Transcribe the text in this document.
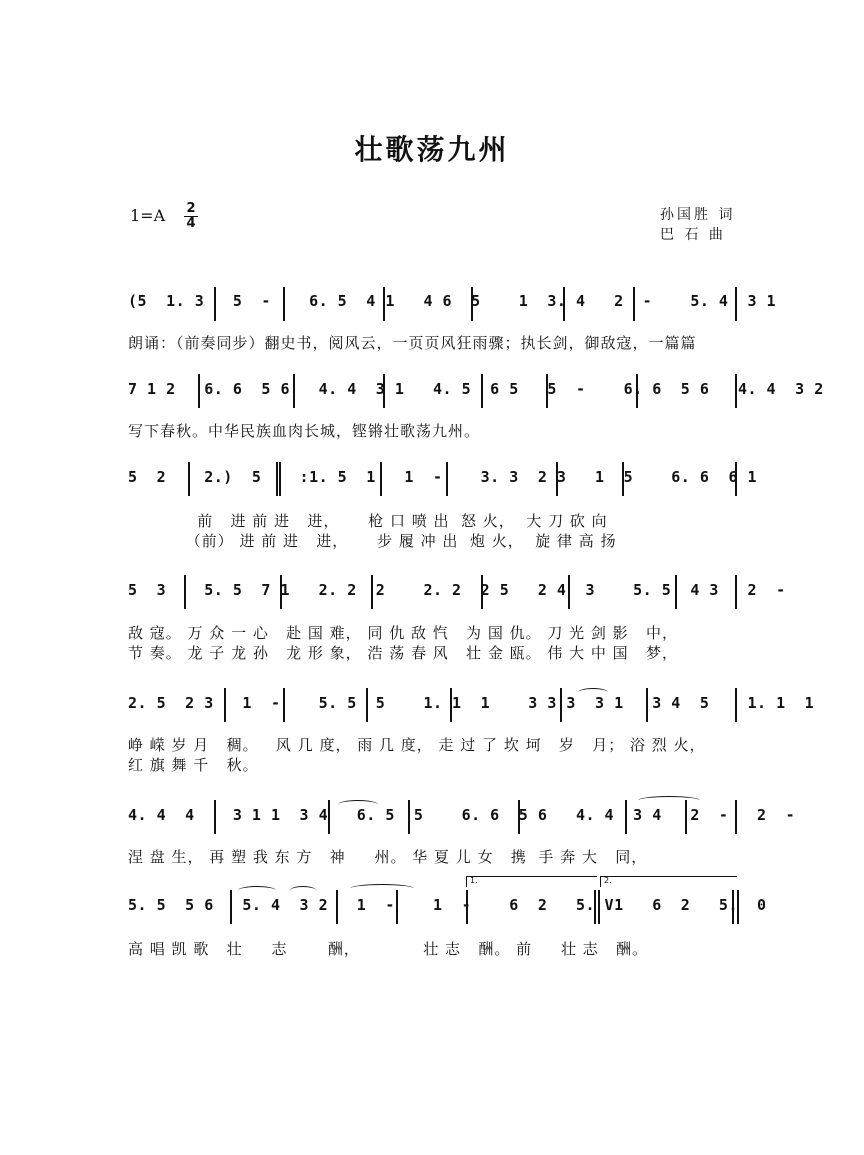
壮歌荡九州
1=A 2
4
孙国胜 词
巴 石 曲
(5  1. 3   5  -    6. 5  4 1   4 6  5    1  3. 4   2  -    5. 4  3 1
朗诵：（前奏同步）翻史书，阅风云，一页页风狂雨骤；执长剑，御敌寇，一篇篇
7 1 2   6. 6  5 6   4. 4  3 1   4. 5  6 5   5  -    6. 6  5 6   4. 4  3 2
写下春秋。中华民族血肉长城，铿锵壮歌荡九州。
5  2    2.)  5    :1. 5  1   1  -    3. 3  2 3   1  5    6. 6  6 1
前   进 前 进   进，     枪 口 喷 出  怒 火，  大 刀 砍 向
（前） 进 前 进   进，     步 履 冲 出  炮 火，  旋 律 高 扬
5  3    5. 5  7 1   2. 2  2    2. 2  2 5   2 4  3    5. 5  4 3   2  -
敌 寇。 万 众 一 心   赴 国 难， 同 仇 敌 忾   为 国 仇。 刀 光 剑 影   中，
节 奏。 龙 子 龙 孙   龙 形 象， 浩 荡 春 风   壮 金 瓯。 伟 大 中 国   梦，
2. 5  2 3   1  -    5. 5  5    1. 1  1    3 3 3  3 1   3 4  5    1. 1  1
峥 嵘 岁 月   稠。   风 几 度， 雨 几 度， 走 过 了 坎 坷   岁   月； 浴 烈 火，
红 旗 舞 千   秋。
4. 4  4    3 1 1  3 4   6. 5  5    6. 6  5 6   4. 4  3 4   2  -   2  -
涅 盘 生， 再 塑 我 东 方   神     州。 华 夏 儿 女   携  手 奔 大   同，
1.	2.
5. 5  5 6   5. 4  3 2   1  -    1  -    6  2   5. V1   6  2   5.  0
高 唱 凯 歌   壮     志       酬，           壮 志   酬。 前     壮 志   酬。
